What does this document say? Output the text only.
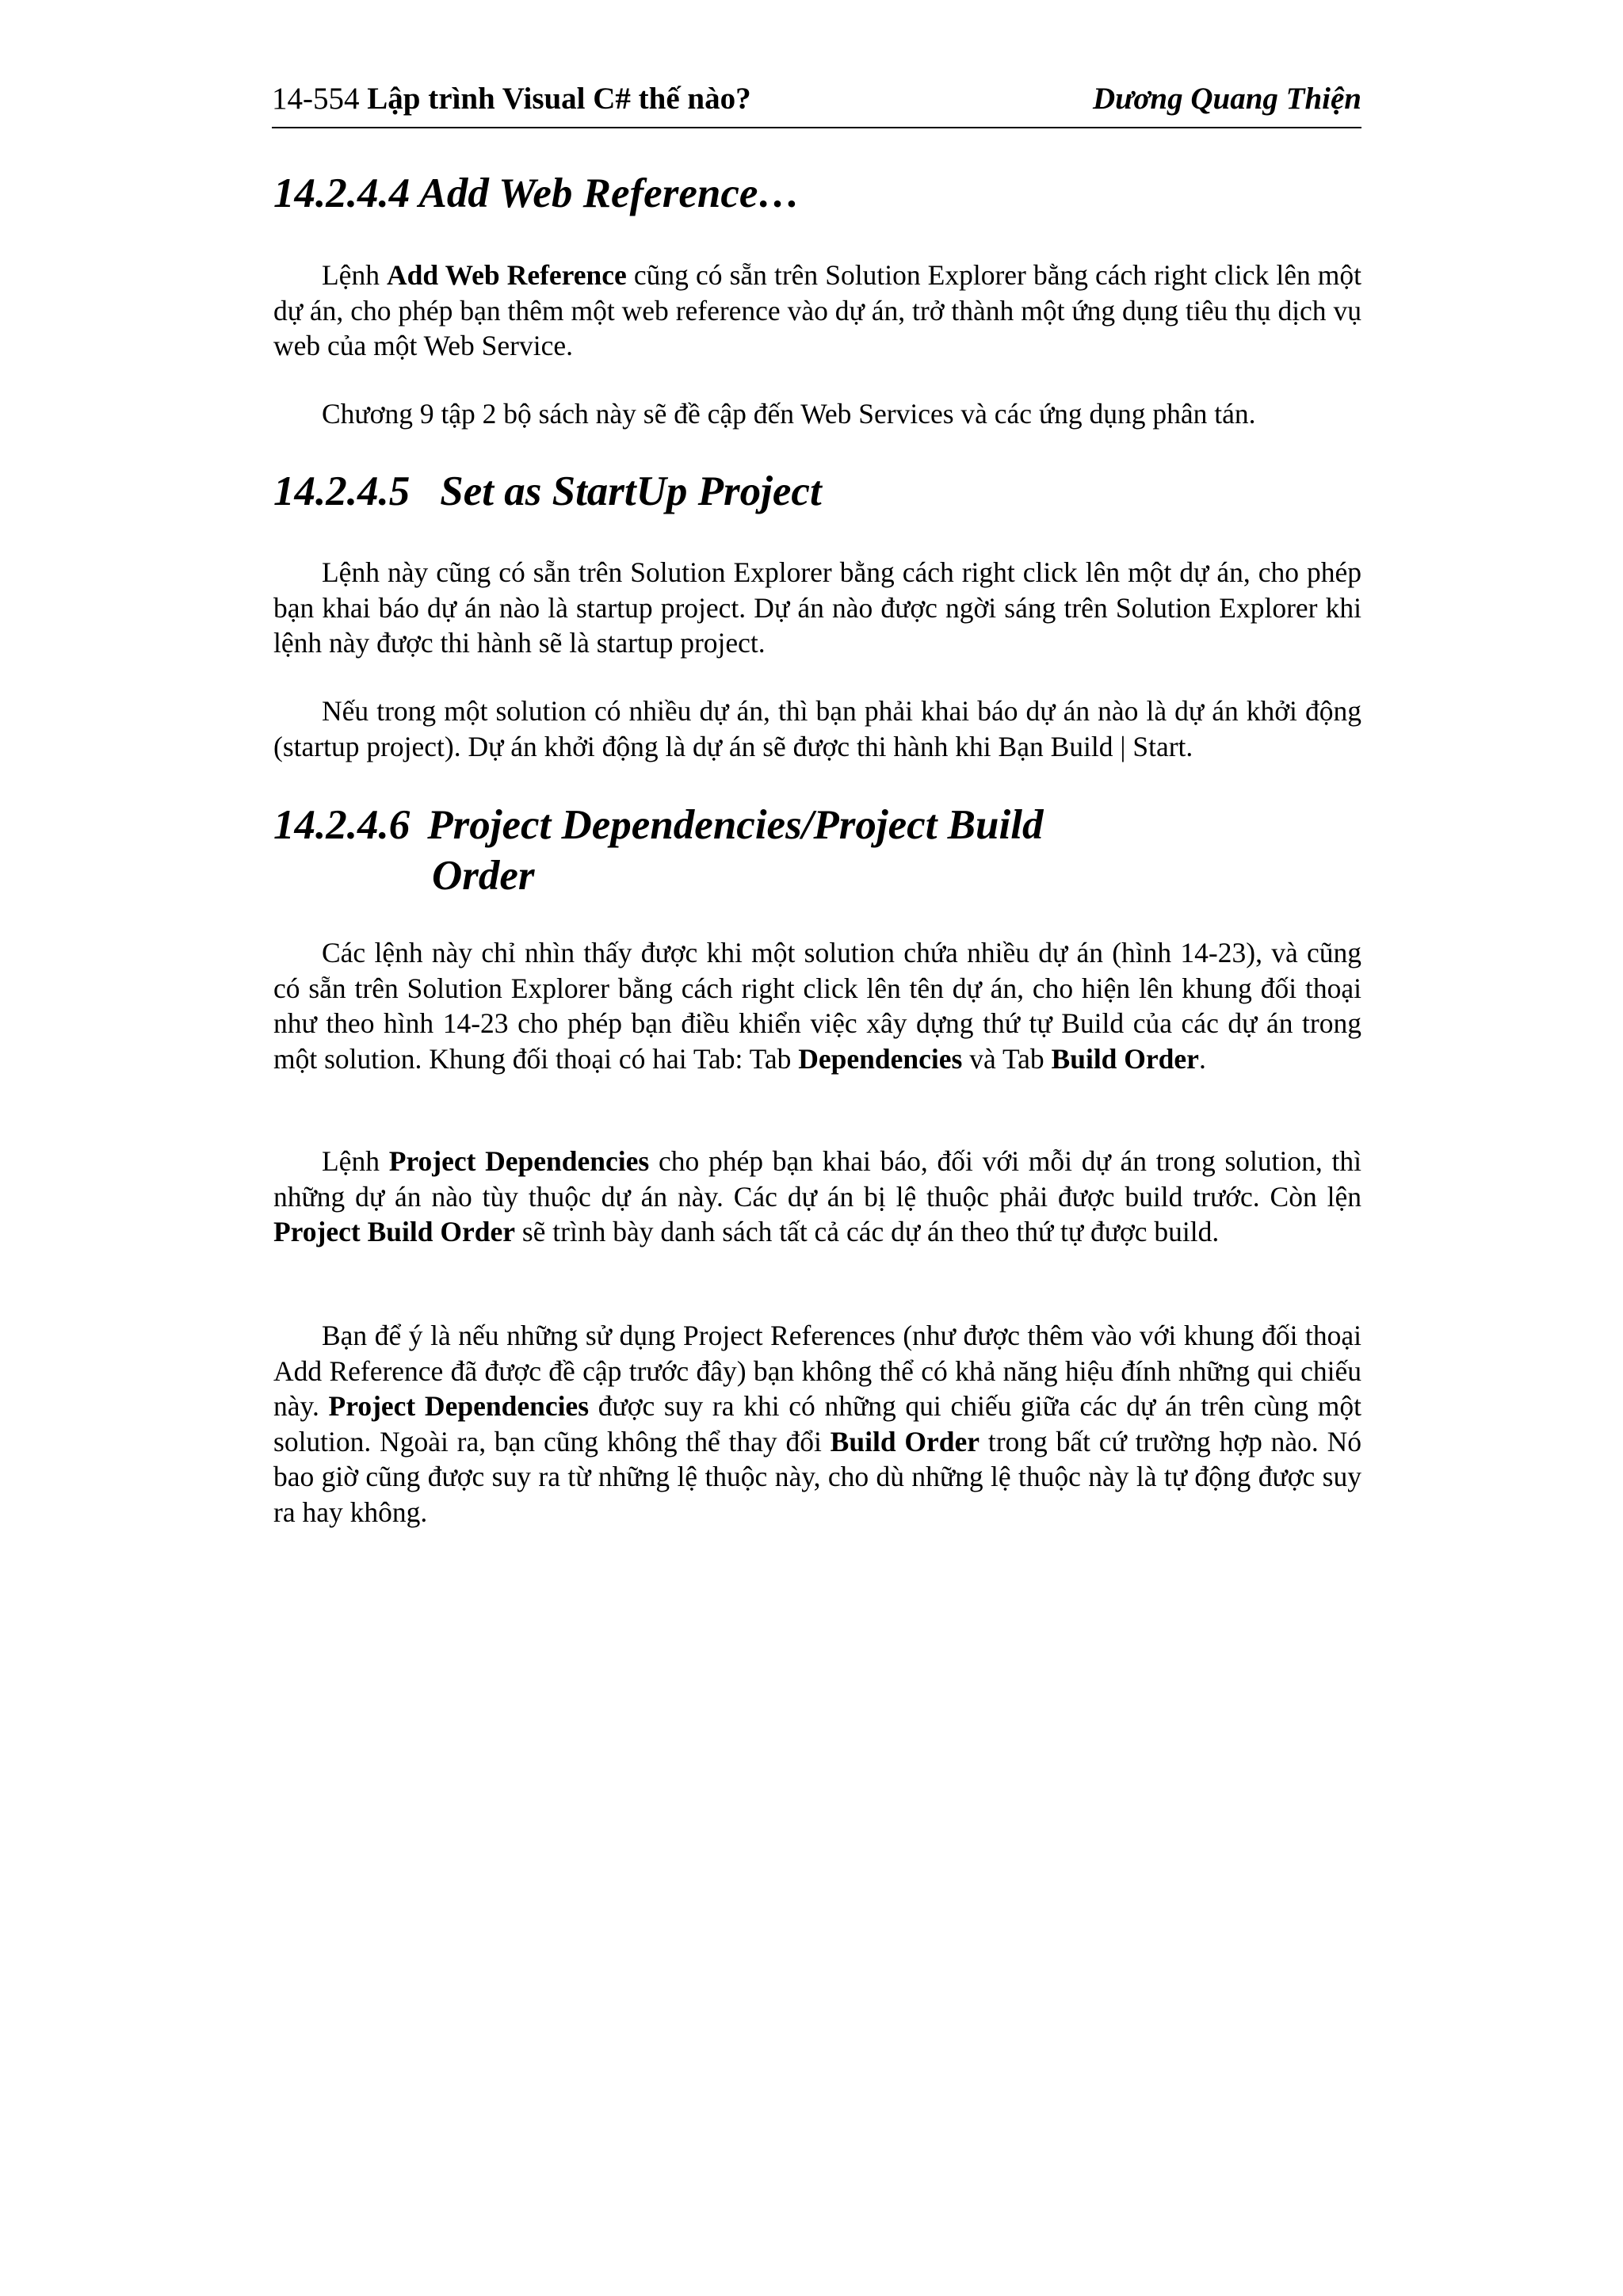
14-554 Lập trình Visual C# thế nào?	Dương Quang Thiện
14.2.4.4 Add Web Reference…

Lệnh Add Web Reference cũng có sẵn trên Solution Explorer bằng cách right click lên một dự án, cho phép bạn thêm một web reference vào dự án, trở thành một ứng dụng tiêu thụ dịch vụ web của một Web Service.

Chương 9 tập 2 bộ sách này sẽ đề cập đến Web Services và các ứng dụng phân tán.

14.2.4.5 Set as StartUp Project

Lệnh này cũng có sẵn trên Solution Explorer bằng cách right click lên một dự án, cho phép bạn khai báo dự án nào là startup project. Dự án nào được ngời sáng trên Solution Explorer khi lệnh này được thi hành sẽ là startup project.

Nếu trong một solution có nhiều dự án, thì bạn phải khai báo dự án nào là dự án khởi động (startup project). Dự án khởi động là dự án sẽ được thi hành khi Bạn Build | Start.

14.2.4.6 Project Dependencies/Project Build
Order

Các lệnh này chỉ nhìn thấy được khi một solution chứa nhiều dự án (hình 14-23), và cũng có sẵn trên Solution Explorer bằng cách right click lên tên dự án, cho hiện lên khung đối thoại như theo hình 14-23 cho phép bạn điều khiển việc xây dựng thứ tự Build của các dự án trong một solution. Khung đối thoại có hai Tab: Tab Dependencies và Tab Build Order.

Lệnh Project Dependencies cho phép bạn khai báo, đối với mỗi dự án trong solution, thì những dự án nào tùy thuộc dự án này. Các dự án bị lệ thuộc phải được build trước. Còn lện Project Build Order sẽ trình bày danh sách tất cả các dự án theo thứ tự được build.

Bạn để ý là nếu những sử dụng Project References (như được thêm vào với khung đối thoại Add Reference đã được đề cập trước đây) bạn không thể có khả năng hiệu đính những qui chiếu này. Project Dependencies được suy ra khi có những qui chiếu giữa các dự án trên cùng một solution. Ngoài ra, bạn cũng không thể thay đổi Build Order trong bất cứ trường hợp nào. Nó bao giờ cũng được suy ra từ những lệ thuộc này, cho dù những lệ thuộc này là tự động được suy ra hay không.
